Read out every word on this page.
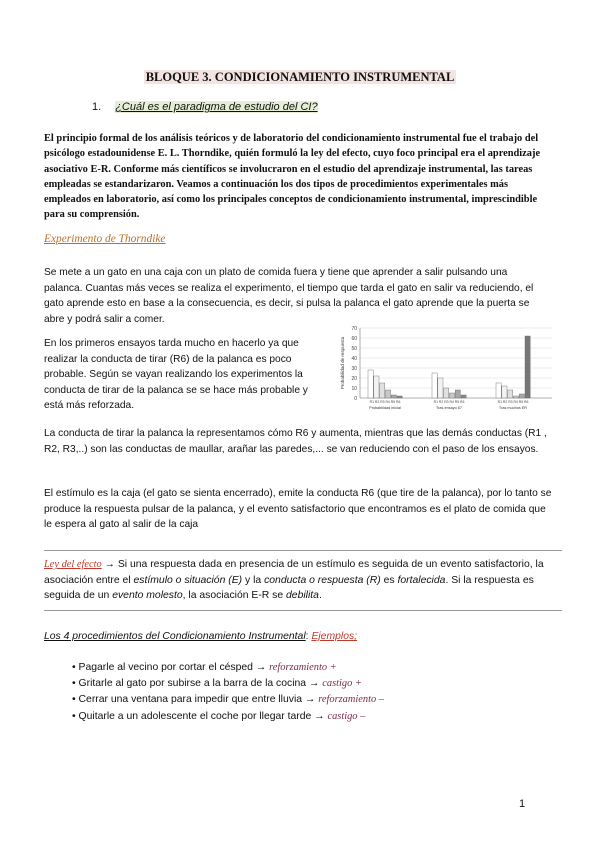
BLOQUE 3. CONDICIONAMIENTO INSTRUMENTAL
1. ¿Cuál es el paradigma de estudio del CI?
El principio formal de los análisis teóricos y de laboratorio del condicionamiento instrumental fue el trabajo del psicólogo estadounidense E. L. Thorndike, quién formuló la ley del efecto, cuyo foco principal era el aprendizaje asociativo E-R. Conforme más científicos se involucraron en el estudio del aprendizaje instrumental, las tareas empleadas se estandarizaron. Veamos a continuación los dos tipos de procedimientos experimentales más empleados en laboratorio, así como los principales conceptos de condicionamiento instrumental, imprescindible para su comprensión.
Experimento de Thorndike
Se mete a un gato en una caja con un plato de comida fuera y tiene que aprender a salir pulsando una palanca. Cuantas más veces se realiza el experimento, el tiempo que tarda el gato en salir va reduciendo, el gato aprende esto en base a la consecuencia, es decir, si pulsa la palanca el gato aprende que la puerta se abre y podrá salir a comer.
En los primeros ensayos tarda mucho en hacerlo ya que realizar la conducta de tirar (R6) de la palanca es poco probable. Según se vayan realizando los experimentos la conducta de tirar de la palanca se se hace más probable y está más reforzada.
0
10
20
30
40
50
60
70
Probabilidad de respuesta
R1 R2 R3 R4 R5 R6
Probabilidad inicial
R1 R2 R3 R4 R5 R6
Tras ensayo 67
R1 R2 R3 R4 R5 R6
Tras muchos ER
La conducta de tirar la palanca la representamos cómo R6 y aumenta, mientras que las demás conductas (R1 , R2, R3,..) son las conductas de maullar, arañar las paredes,... se van reduciendo con el paso de los ensayos.
El estímulo es la caja (el gato se sienta encerrado), emite la conducta R6 (que tire de la palanca), por lo tanto se produce la respuesta pulsar de la palanca, y el evento satisfactorio que encontramos es el plato de comida que le espera al gato al salir de la caja
Ley del efecto → Si una respuesta dada en presencia de un estímulo es seguida de un evento satisfactorio, la asociación entre el estímulo o situación (E) y la conducta o respuesta (R) es fortalecida. Si la respuesta es seguida de un evento molesto, la asociación E-R se debilita.
Los 4 procedimientos del Condicionamiento Instrumental: Ejemplos;
• Pagarle al vecino por cortar el césped → reforzamiento +
• Gritarle al gato por subirse a la barra de la cocina → castigo +
• Cerrar una ventana para impedir que entre lluvia → reforzamiento –
• Quitarle a un adolescente el coche por llegar tarde → castigo –
1
